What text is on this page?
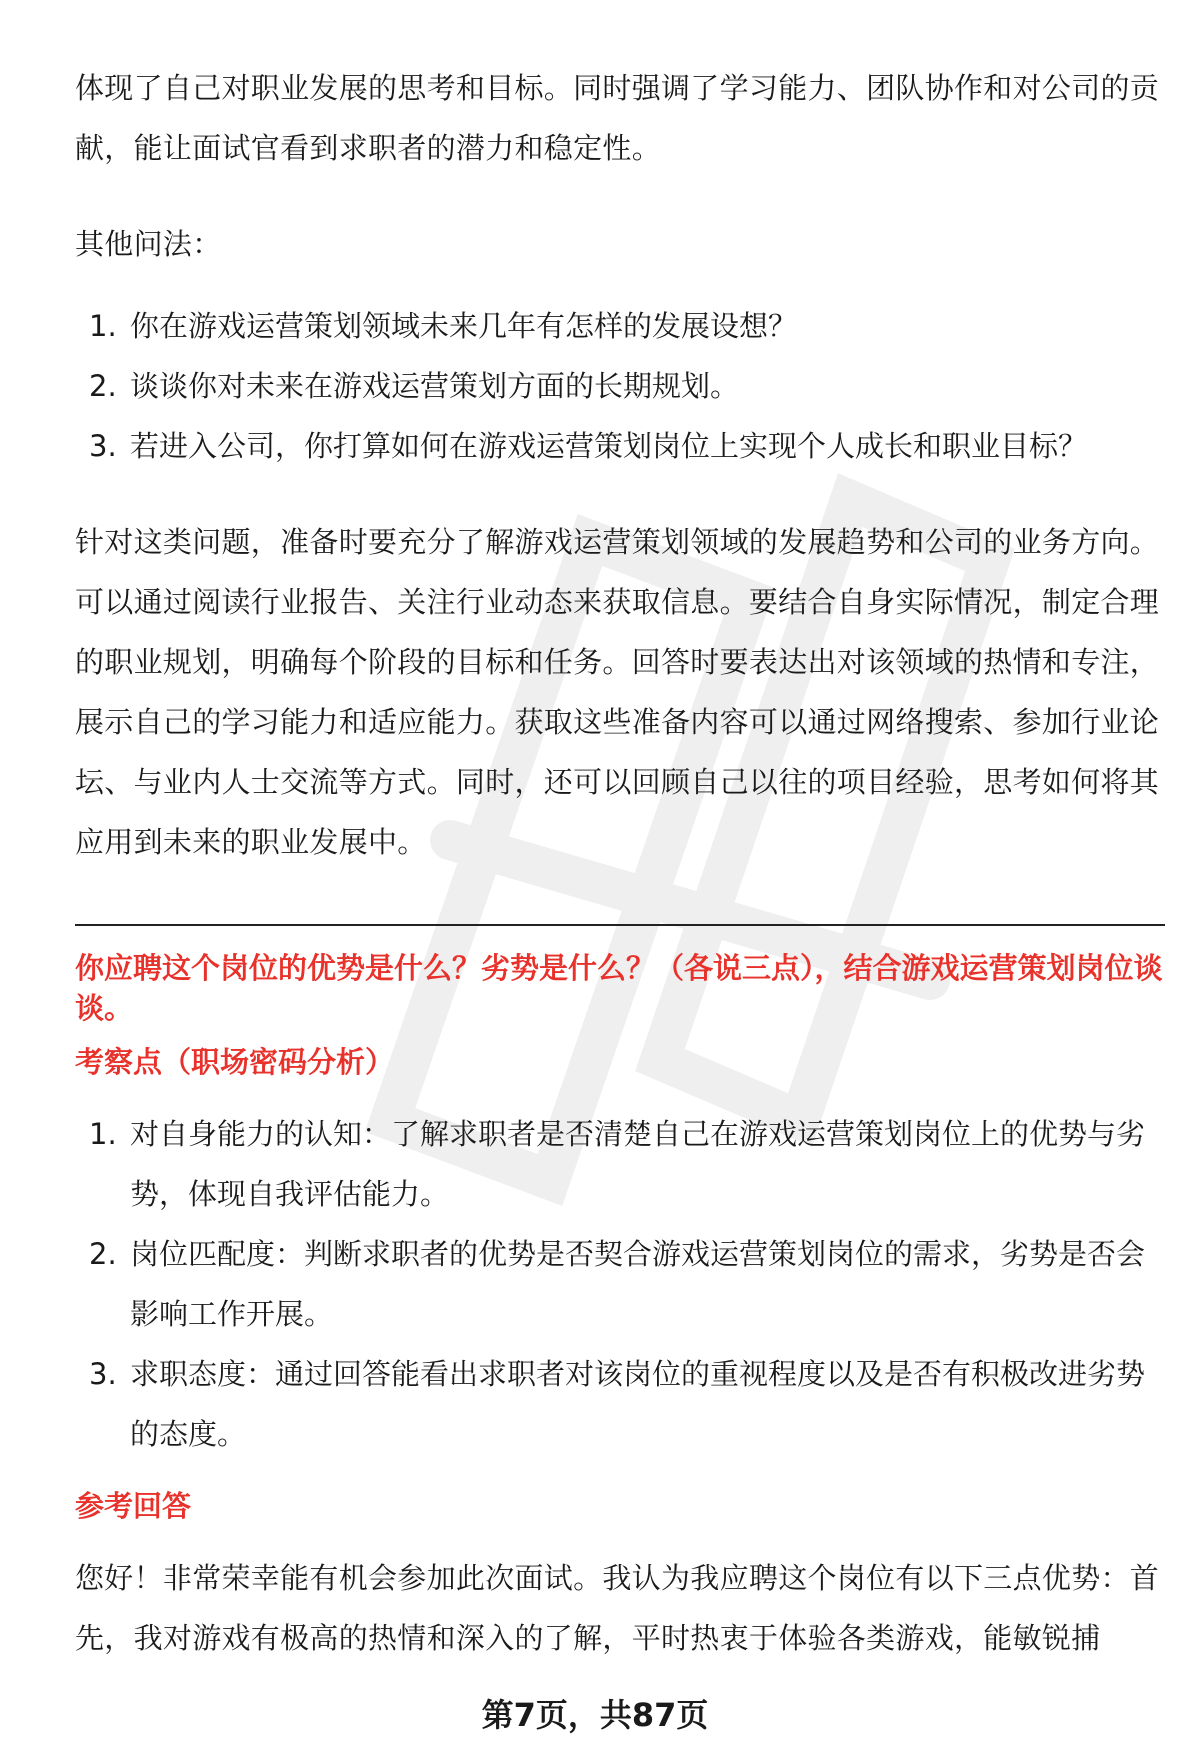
体现了自己对职业发展的思考和目标。同时强调了学习能力、团队协作和对公司的贡献，能让面试官看到求职者的潜力和稳定性。

其他问法：

1. 你在游戏运营策划领域未来几年有怎样的发展设想？
2. 谈谈你对未来在游戏运营策划方面的长期规划。
3. 若进入公司，你打算如何在游戏运营策划岗位上实现个人成长和职业目标？

针对这类问题，准备时要充分了解游戏运营策划领域的发展趋势和公司的业务方向。可以通过阅读行业报告、关注行业动态来获取信息。要结合自身实际情况，制定合理的职业规划，明确每个阶段的目标和任务。回答时要表达出对该领域的热情和专注，展示自己的学习能力和适应能力。获取这些准备内容可以通过网络搜索、参加行业论坛、与业内人士交流等方式。同时，还可以回顾自己以往的项目经验，思考如何将其应用到未来的职业发展中。

你应聘这个岗位的优势是什么？劣势是什么？（各说三点），结合游戏运营策划岗位谈谈。

考察点（职场密码分析）

1. 对自身能力的认知：了解求职者是否清楚自己在游戏运营策划岗位上的优势与劣势，体现自我评估能力。
2. 岗位匹配度：判断求职者的优势是否契合游戏运营策划岗位的需求，劣势是否会影响工作开展。
3. 求职态度：通过回答能看出求职者对该岗位的重视程度以及是否有积极改进劣势的态度。

参考回答

您好！非常荣幸能有机会参加此次面试。我认为我应聘这个岗位有以下三点优势：首先，我对游戏有极高的热情和深入的了解，平时热衷于体验各类游戏，能敏锐捕

第7页，共87页
